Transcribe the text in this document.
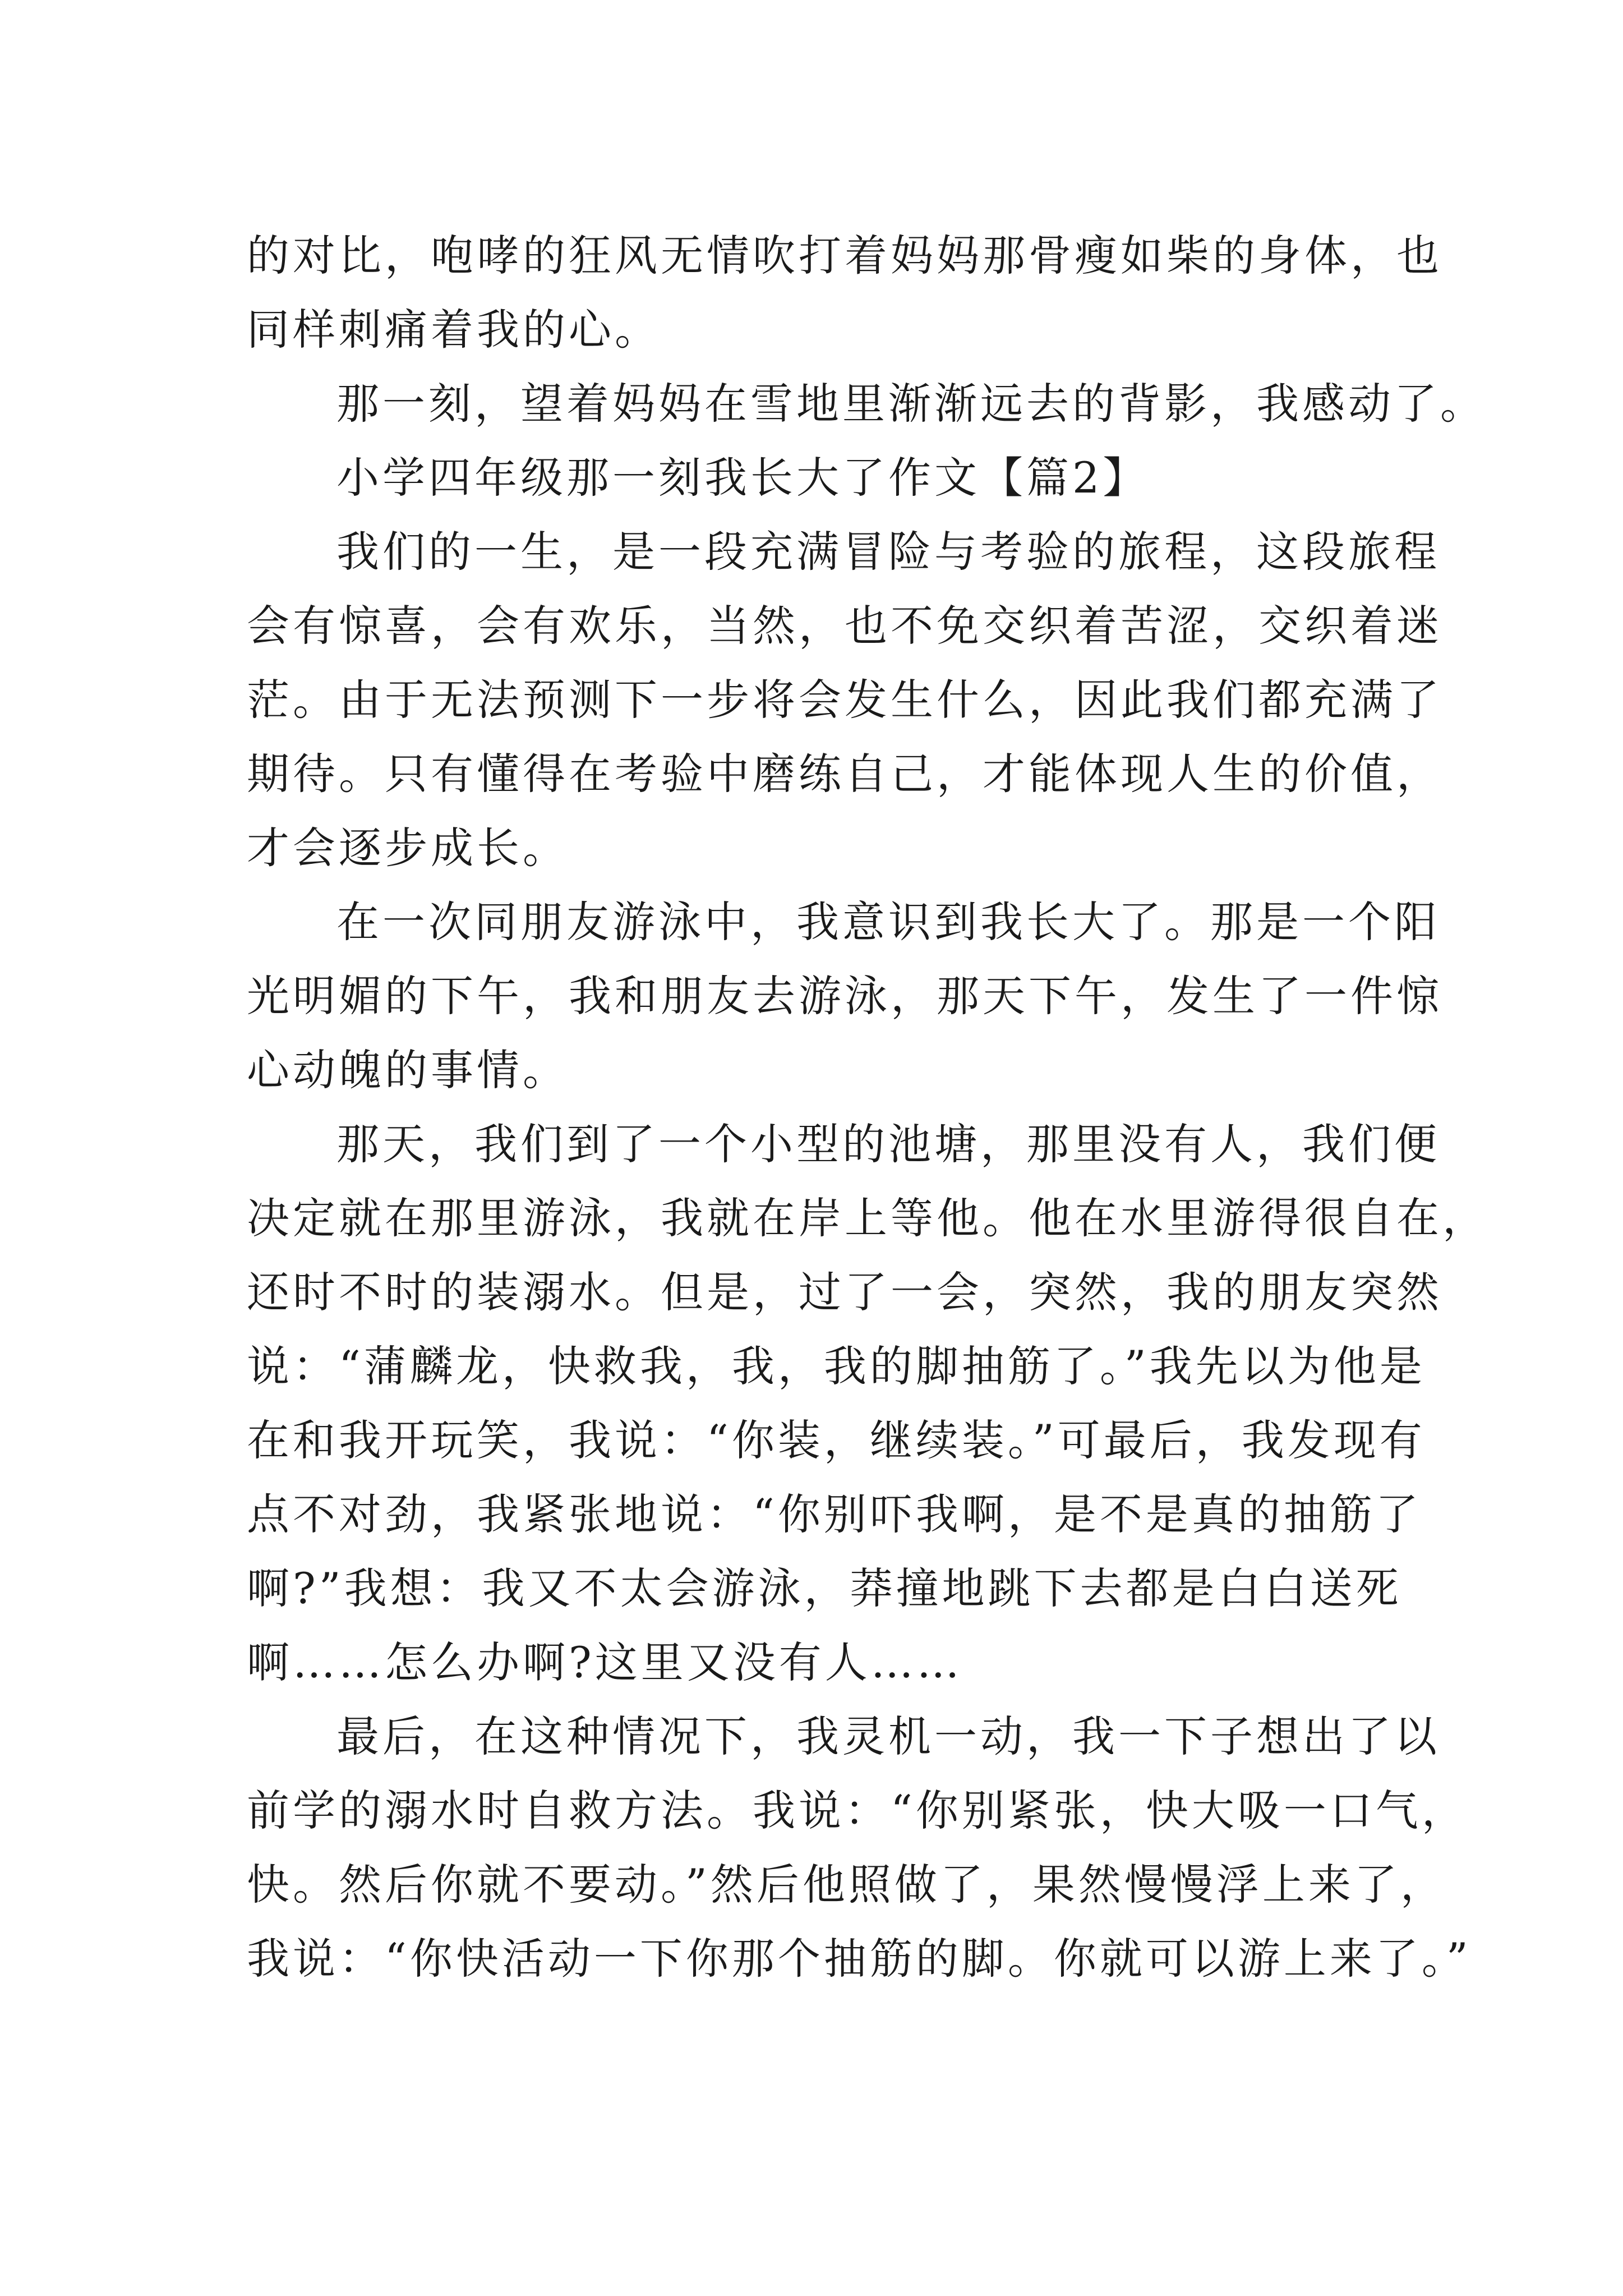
的对比，咆哮的狂风无情吹打着妈妈那骨瘦如柴的身体，也
同样刺痛着我的心。
那一刻，望着妈妈在雪地里渐渐远去的背影，我感动了。
小学四年级那一刻我长大了作文【篇2】
我们的一生，是一段充满冒险与考验的旅程，这段旅程
会有惊喜，会有欢乐，当然，也不免交织着苦涩，交织着迷
茫。由于无法预测下一步将会发生什么，因此我们都充满了
期待。只有懂得在考验中磨练自己，才能体现人生的价值，
才会逐步成长。
在一次同朋友游泳中，我意识到我长大了。那是一个阳
光明媚的下午，我和朋友去游泳，那天下午，发生了一件惊
心动魄的事情。
那天，我们到了一个小型的池塘，那里没有人，我们便
决定就在那里游泳，我就在岸上等他。他在水里游得很自在，
还时不时的装溺水。但是，过了一会，突然，我的朋友突然
说：“蒲麟龙，快救我，我，我的脚抽筋了。”我先以为他是
在和我开玩笑，我说：“你装，继续装。”可最后，我发现有
点不对劲，我紧张地说：“你别吓我啊，是不是真的抽筋了
啊?”我想：我又不太会游泳，莽撞地跳下去都是白白送死
啊……怎么办啊?这里又没有人……
最后，在这种情况下，我灵机一动，我一下子想出了以
前学的溺水时自救方法。我说：“你别紧张，快大吸一口气，
快。然后你就不要动。”然后他照做了，果然慢慢浮上来了，
我说：“你快活动一下你那个抽筋的脚。你就可以游上来了。”
